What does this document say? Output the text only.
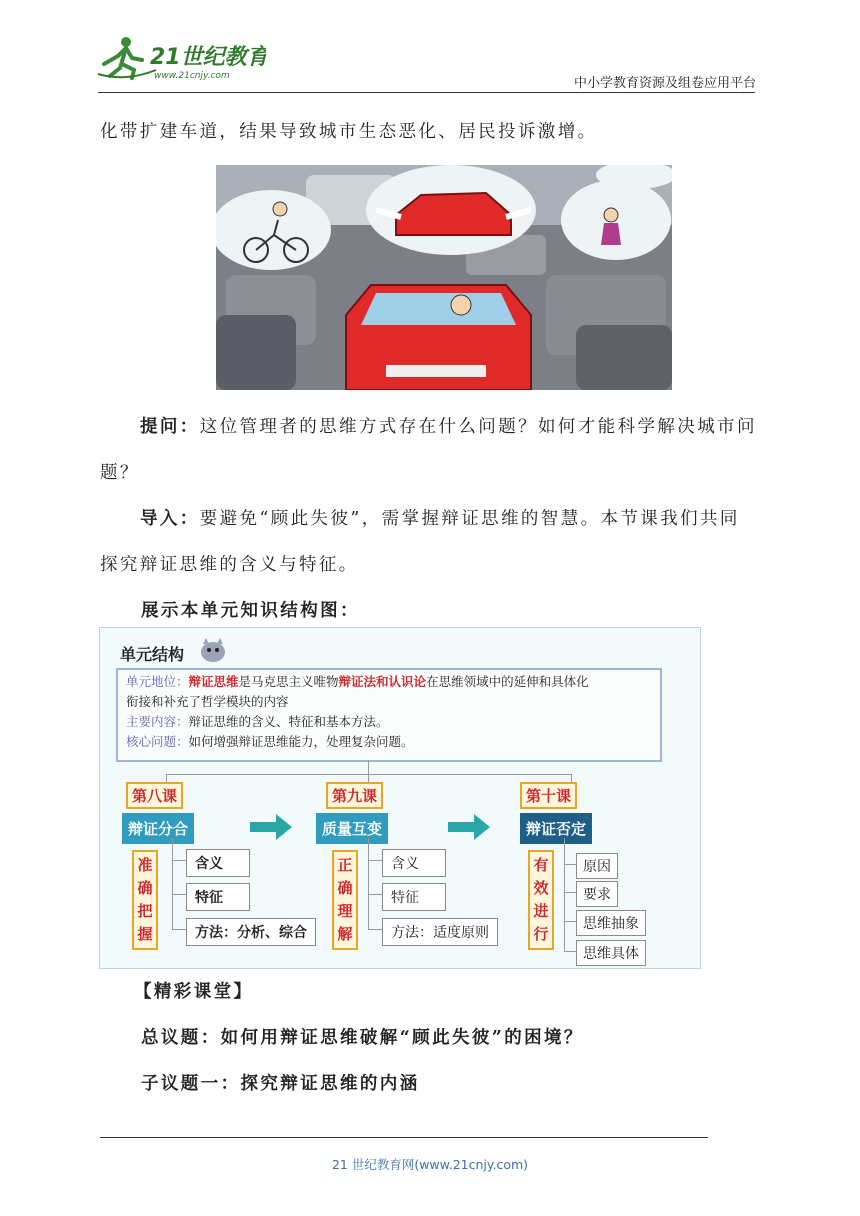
21世纪教育
www.21cnjy.com	中小学教育资源及组卷应用平台
化带扩建车道，结果导致城市生态恶化、居民投诉激增。
提问：这位管理者的思维方式存在什么问题？如何才能科学解决城市问
题？
导入：要避免“顾此失彼”，需掌握辩证思维的智慧。本节课我们共同
探究辩证思维的含义与特征。
展示本单元知识结构图：
单元结构
单元地位：辩证思维是马克思主义唯物辩证法和认识论在思维领域中的延伸和具体化
衔接和补充了哲学模块的内容
主要内容：辩证思维的含义、特征和基本方法。
核心问题：如何增强辩证思维能力，处理复杂问题。
第八课
辩证分合
准
确
把
握
含义
特征
方法：分析、综合
第九课
质量互变
正
确
理
解
含义
特征
方法：适度原则
第十课
辩证否定
有
效
进
行
原因
要求
思维抽象
思维具体
【精彩课堂】
总议题：如何用辩证思维破解“顾此失彼”的困境？
子议题一：探究辩证思维的内涵
21 世纪教育网(www.21cnjy.com)
